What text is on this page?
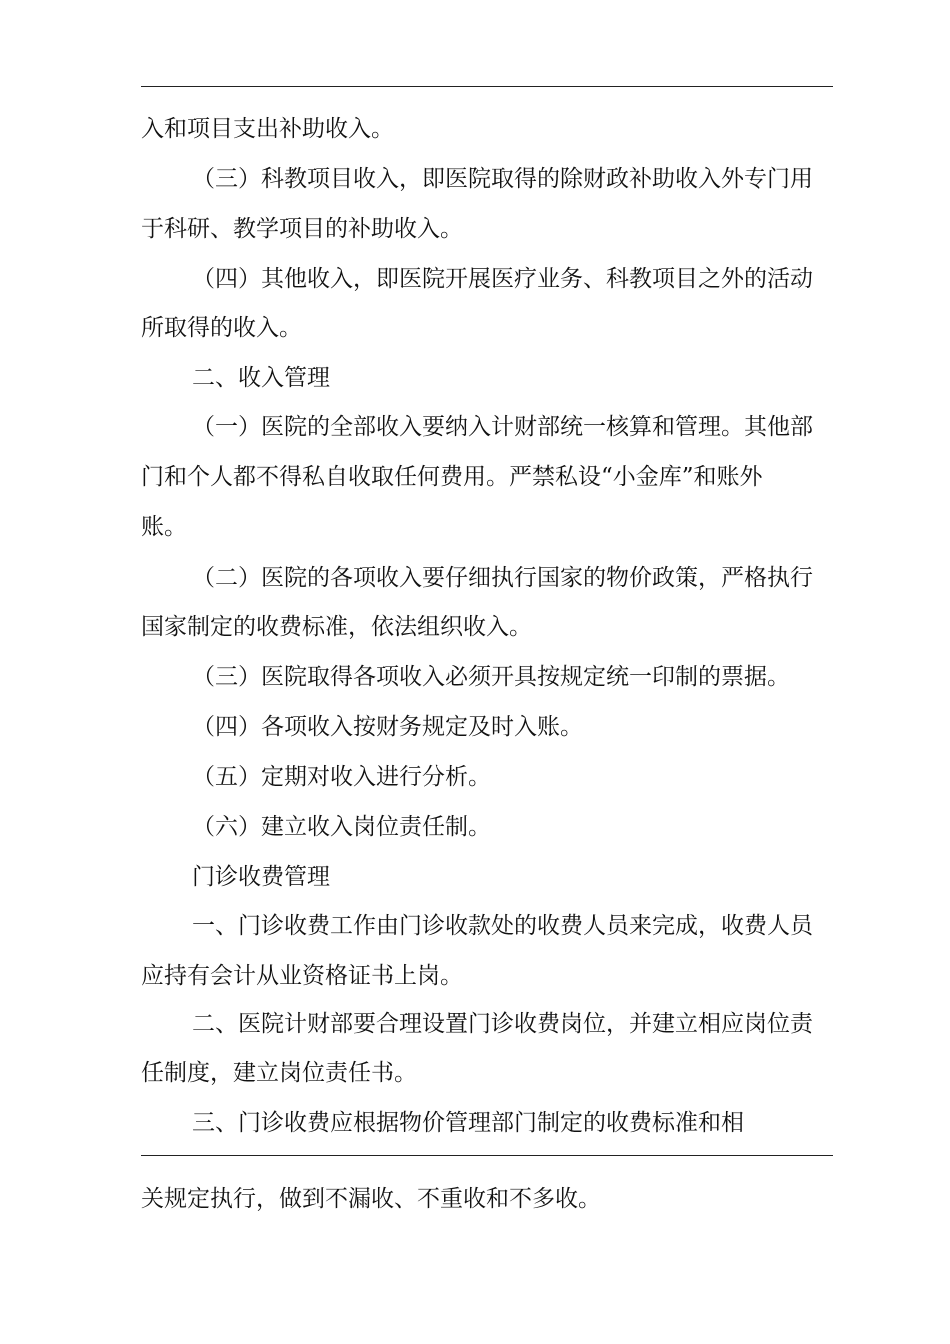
入和项目支出补助收入。
（三）科教项目收入，即医院取得的除财政补助收入外专门用
于科研、教学项目的补助收入。
（四）其他收入，即医院开展医疗业务、科教项目之外的活动
所取得的收入。
二、收入管理
（一）医院的全部收入要纳入计财部统一核算和管理。其他部
门和个人都不得私自收取任何费用。严禁私设“小金库”和账外
账。
（二）医院的各项收入要仔细执行国家的物价政策，严格执行
国家制定的收费标准，依法组织收入。
（三）医院取得各项收入必须开具按规定统一印制的票据。
（四）各项收入按财务规定及时入账。
（五）定期对收入进行分析。
（六）建立收入岗位责任制。
门诊收费管理
一、门诊收费工作由门诊收款处的收费人员来完成，收费人员
应持有会计从业资格证书上岗。
二、医院计财部要合理设置门诊收费岗位，并建立相应岗位责
任制度，建立岗位责任书。
三、门诊收费应根据物价管理部门制定的收费标准和相
关规定执行，做到不漏收、不重收和不多收。
